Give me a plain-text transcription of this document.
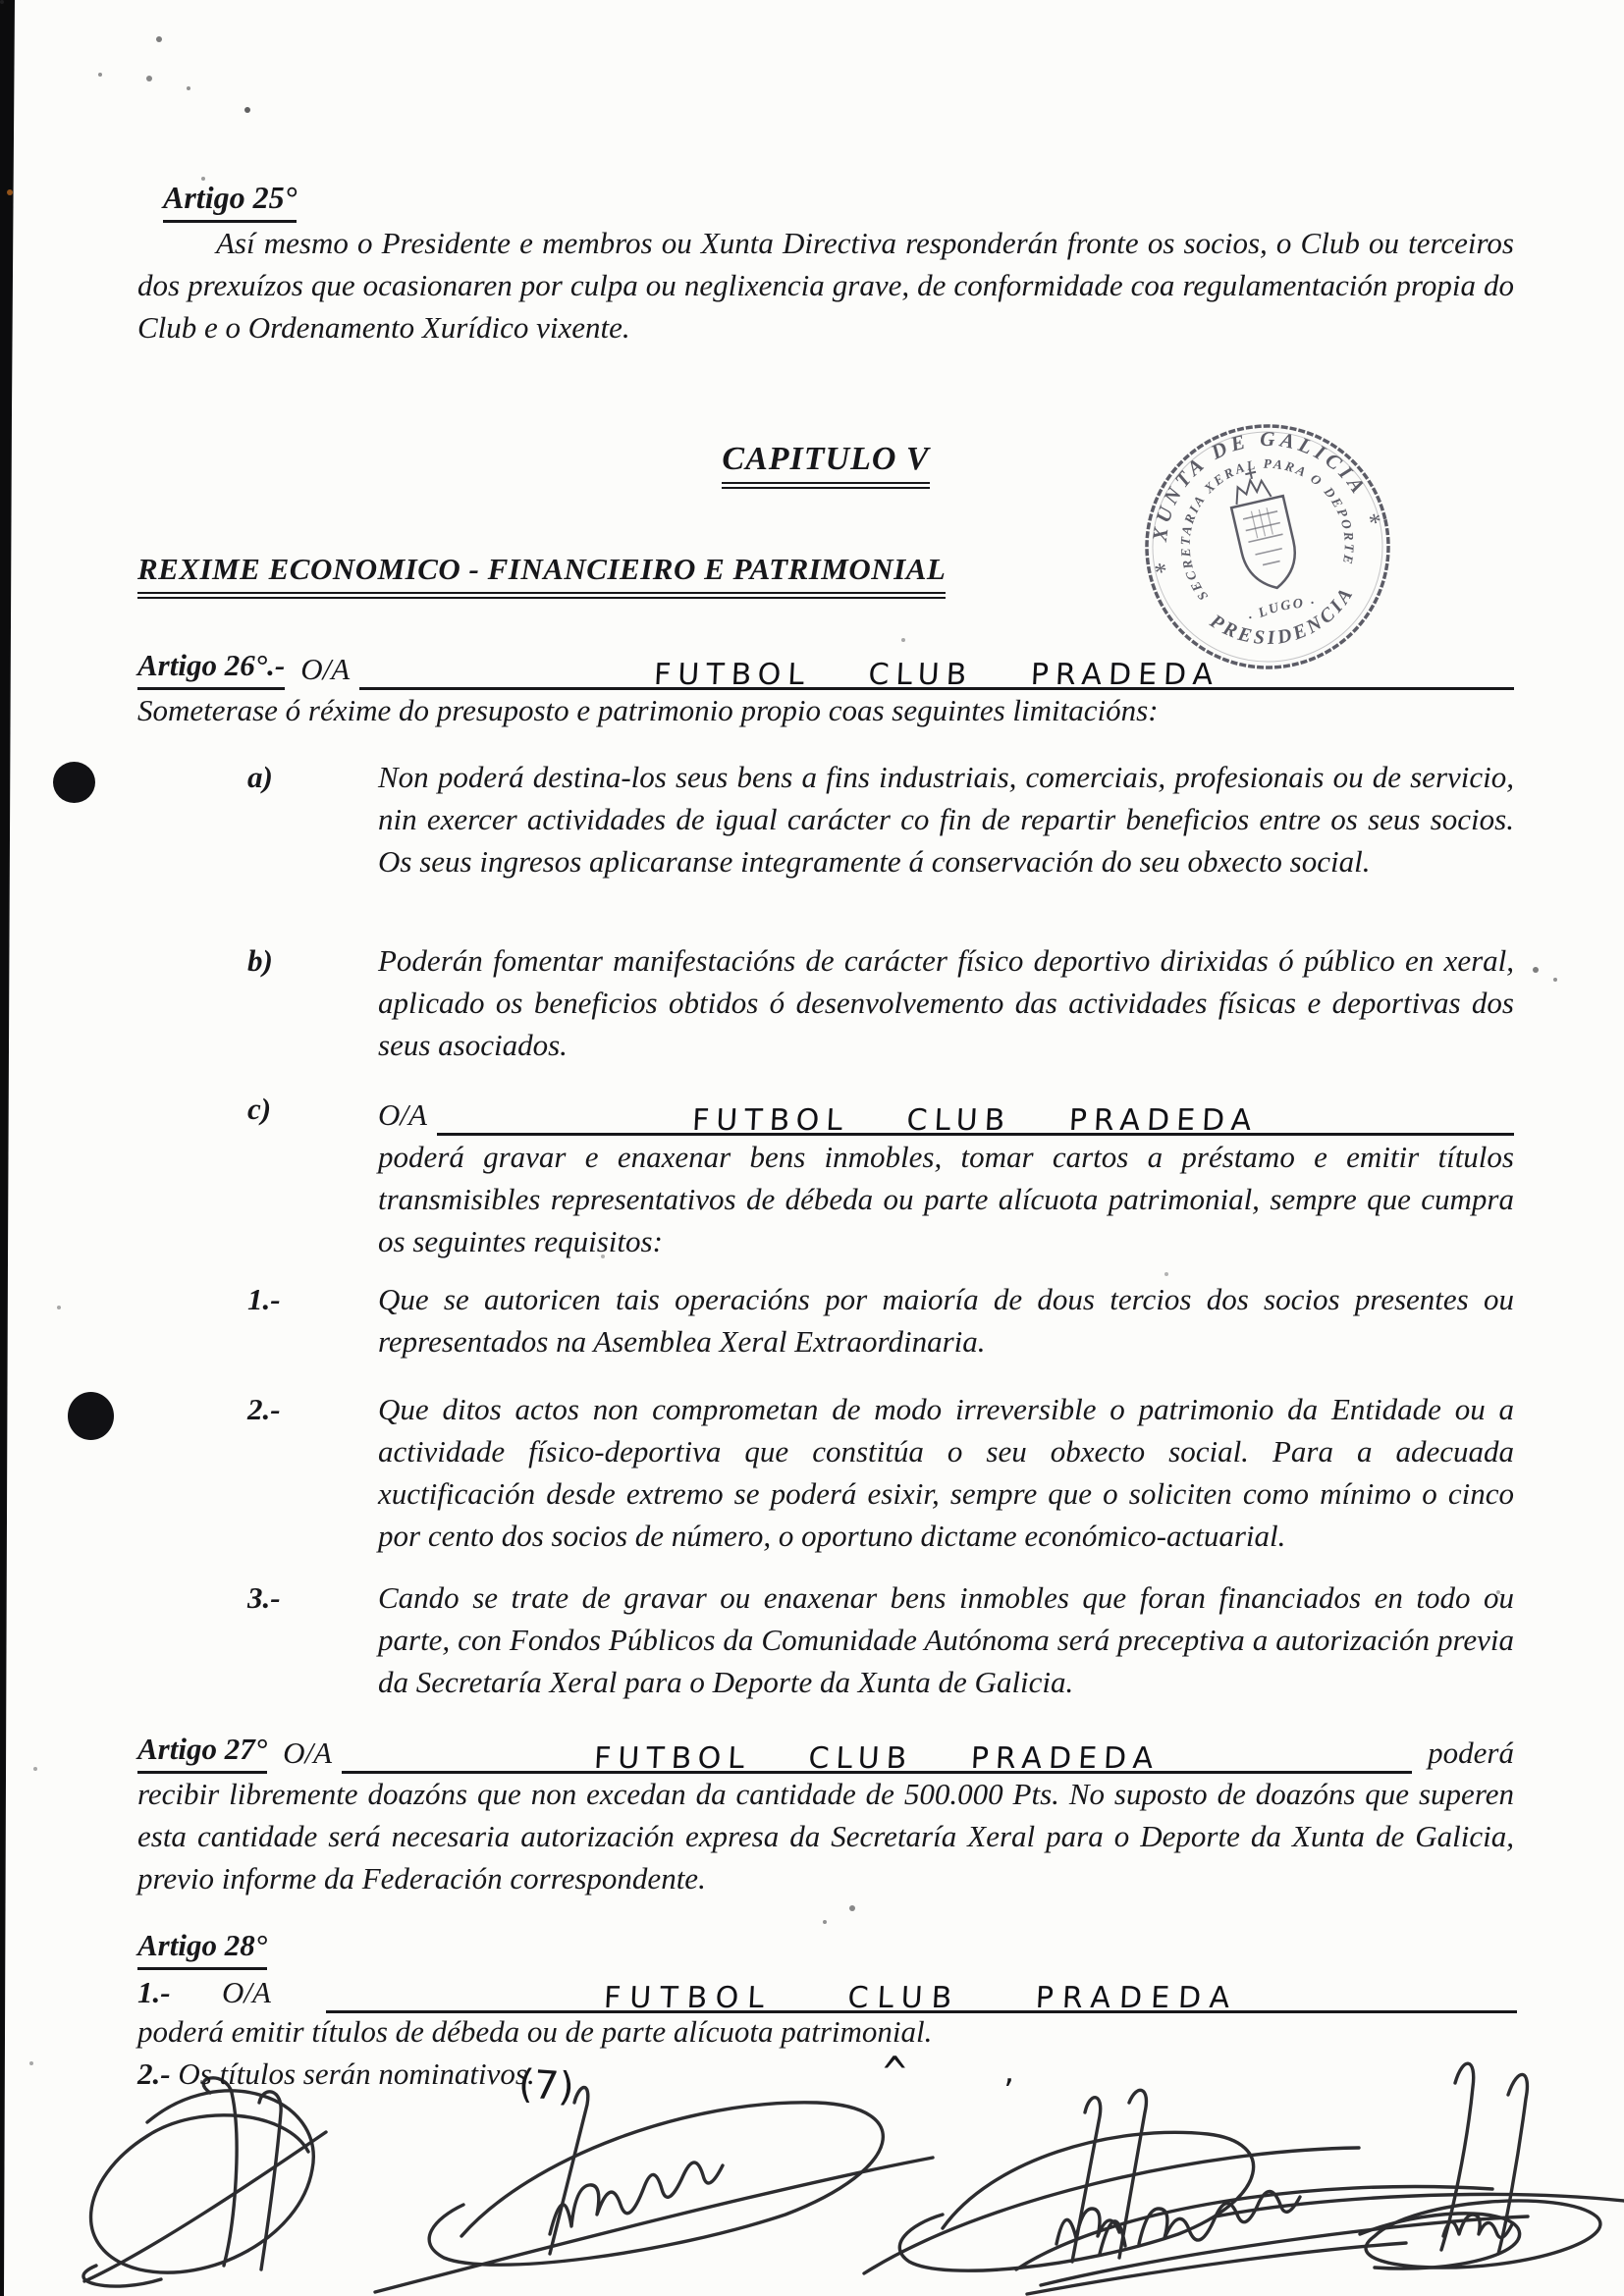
Artigo 25°

Así mesmo o Presidente e membros ou Xunta Directiva responderán fronte os socios, o Club ou terceiros dos prexuízos que ocasionaren por culpa ou neglixencia grave, de conformidade coa regulamentación propia do Club e o Ordenamento Xurídico vixente.

CAPITULO V
XUNTA DE GALICIA
PRESIDENCIA
SECRETARIA XERAL PARA O DEPORTE
· LUGO ·
*
*
REXIME ECONOMICO - FINANCIEIRO E PATRIMONIAL
Artigo 26°.- O/A	FUTBOL CLUB PRADEDA

Someterase ó réxime do presuposto e patrimonio propio coas seguintes limitacións:

a)	Non poderá destina-los seus bens a fins industriais, comerciais, profesionais ou de servicio, nin exercer actividades de igual carácter co fin de repartir beneficios entre os seus socios. Os seus ingresos aplicaranse integramente á conservación do seu obxecto social.

b)	Poderán fomentar manifestacións de carácter físico deportivo dirixidas ó público en xeral, aplicado os beneficios obtidos ó desenvolvemento das actividades físicas e deportivas dos seus asociados.

c)	O/A	FUTBOL CLUB PRADEDA

poderá gravar e enaxenar bens inmobles, tomar cartos a préstamo e emitir títulos transmisibles representativos de débeda ou parte alícuota patrimonial, sempre que cumpra os seguintes requisitos:

1.-	Que se autoricen tais operacións por maioría de dous tercios dos socios presentes ou representados na Asemblea Xeral Extraordinaria.

2.-	Que ditos actos non comprometan de modo irreversible o patrimonio da Entidade ou a actividade físico-deportiva que constitúa o seu obxecto social. Para a adecuada xuctificación desde extremo se poderá esixir, sempre que o soliciten como mínimo o cinco por cento dos socios de número, o oportuno dictame económico-actuarial.

3.-	Cando se trate de gravar ou enaxenar bens inmobles que foran financiados en todo ou parte, con Fondos Públicos da Comunidade Autónoma será preceptiva a autorización previa da Secretaría Xeral para o Deporte da Xunta de Galicia.

Artigo 27° O/A	FUTBOL CLUB PRADEDA	poderá

recibir libremente doazóns que non excedan da cantidade de 500.000 Pts. No suposto de doazóns que superen esta cantidade será necesaria autorización expresa da Secretaría Xeral para o Deporte da Xunta de Galicia, previo informe da Federación correspondente.

Artigo 28°
1.-	O/A	FUTBOL CLUB PRADEDA

poderá emitir títulos de débeda ou de parte alícuota patrimonial.

2.- Os títulos serán nominativos.

(7)	^	’
